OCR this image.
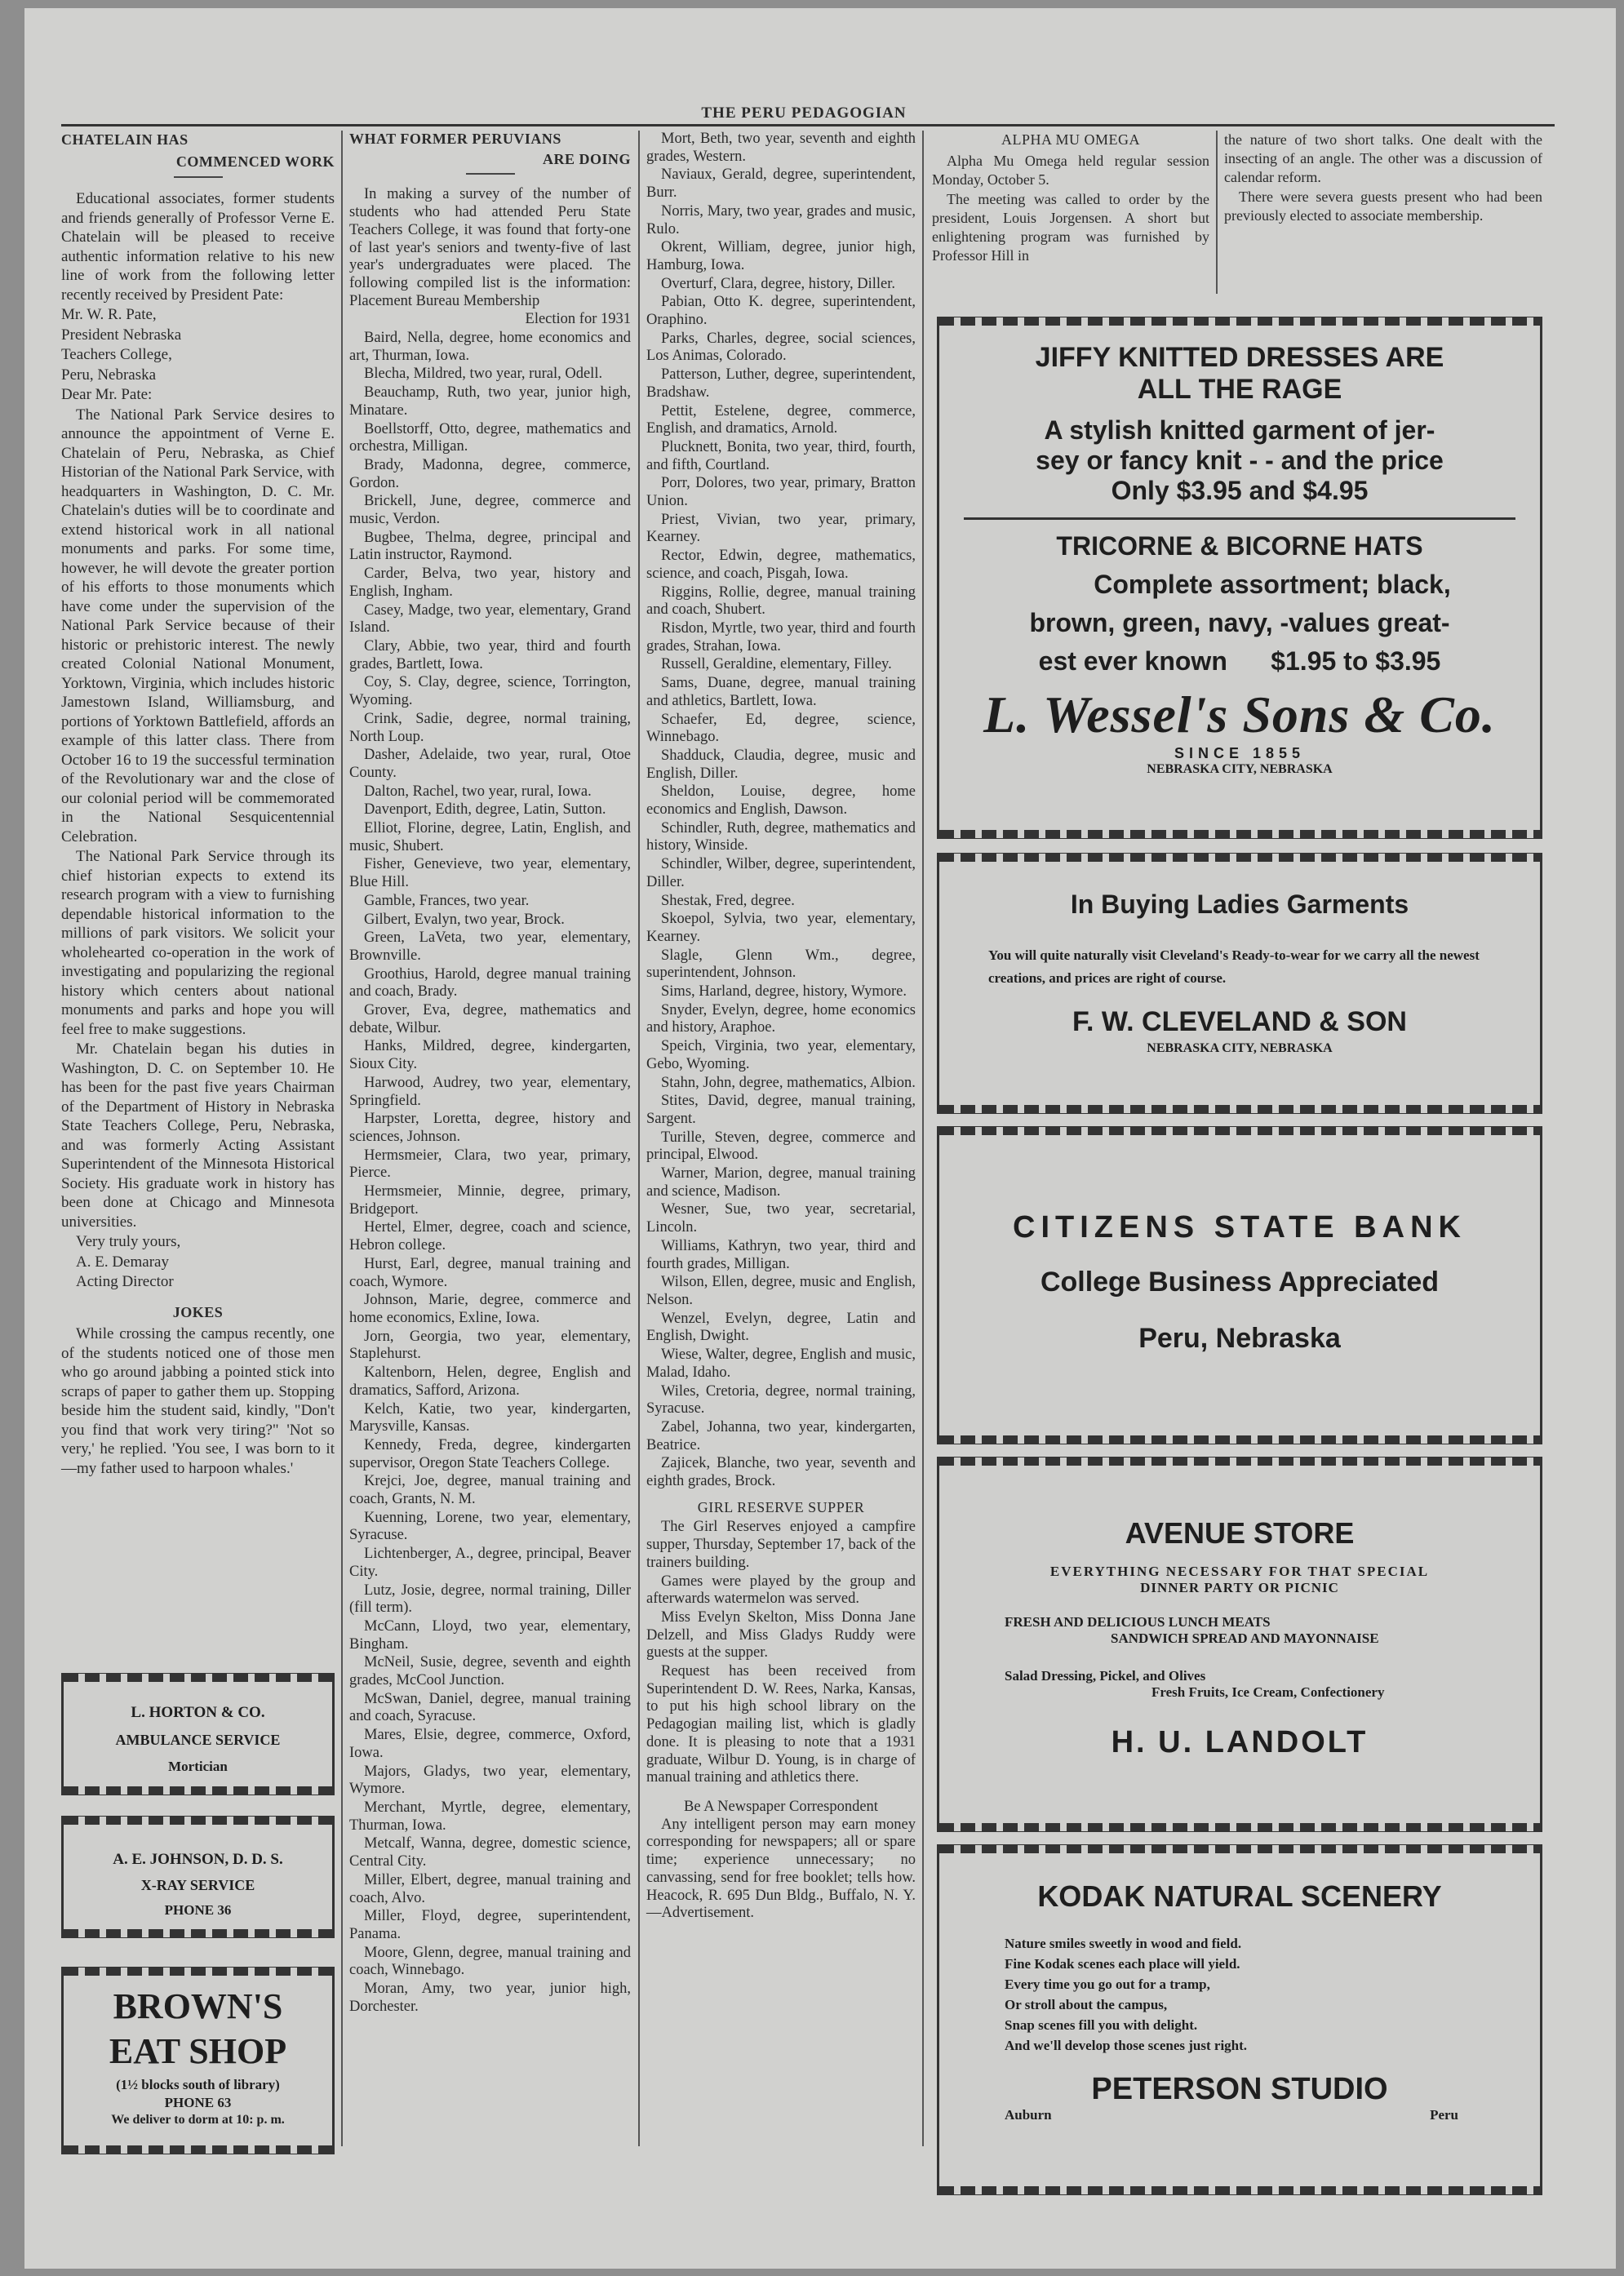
THE PERU PEDAGOGIAN
CHATELAIN HAS
COMMENCED WORK

Educational associates, former students and friends generally of Professor Verne E. Chatelain will be pleased to receive authentic information relative to his new line of work from the following letter recently received by President Pate:

Mr. W. R. Pate,

President Nebraska

Teachers College,

Peru, Nebraska

Dear Mr. Pate:

The National Park Service desires to announce the appointment of Verne E. Chatelain of Peru, Nebraska, as Chief Historian of the National Park Service, with headquarters in Washington, D. C. Mr. Chatelain's duties will be to coordinate and extend historical work in all national monuments and parks. For some time, however, he will devote the greater portion of his efforts to those monuments which have come under the supervision of the National Park Service because of their historic or prehistoric interest. The newly created Colonial National Monument, Yorktown, Virginia, which includes historic Jamestown Island, Williamsburg, and portions of Yorktown Battlefield, affords an example of this latter class. There from October 16 to 19 the successful termination of the Revolutionary war and the close of our colonial period will be commemorated in the National Sesquicentennial Celebration.

The National Park Service through its chief historian expects to extend its research program with a view to furnishing dependable historical information to the millions of park visitors. We solicit your wholehearted co-operation in the work of investigating and popularizing the regional history which centers about national monuments and parks and hope you will feel free to make suggestions.

Mr. Chatelain began his duties in Washington, D. C. on September 10. He has been for the past five years Chairman of the Department of History in Nebraska State Teachers College, Peru, Nebraska, and was formerly Acting Assistant Superintendent of the Minnesota Historical Society. His graduate work in history has been done at Chicago and Minnesota universities.

Very truly yours,

A. E. Demaray

Acting Director

JOKES

While crossing the campus recently, one of the students noticed one of those men who go around jabbing a pointed stick into scraps of paper to gather them up. Stopping beside him the student said, kindly, "Don't you find that work very tiring?" 'Not so very,' he replied. 'You see, I was born to it—my father used to harpoon whales.'

L. HORTON & CO.
AMBULANCE SERVICE
Mortician
A. E. JOHNSON, D. D. S.
X-RAY SERVICE
PHONE 36
BROWN'S
EAT SHOP
(1½ blocks south of library)
PHONE 63
We deliver to dorm at 10: p. m.
WHAT FORMER PERUVIANS
ARE DOING

In making a survey of the number of students who had attended Peru State Teachers College, it was found that forty-one of last year's seniors and twenty-five of last year's undergraduates were placed. The following compiled list is the information: Placement Bureau Membership

Election for 1931

Baird, Nella, degree, home economics and art, Thurman, Iowa.

Blecha, Mildred, two year, rural, Odell.

Beauchamp, Ruth, two year, junior high, Minatare.

Boellstorff, Otto, degree, mathematics and orchestra, Milligan.

Brady, Madonna, degree, commerce, Gordon.

Brickell, June, degree, commerce and music, Verdon.

Bugbee, Thelma, degree, principal and Latin instructor, Raymond.

Carder, Belva, two year, history and English, Ingham.

Casey, Madge, two year, elementary, Grand Island.

Clary, Abbie, two year, third and fourth grades, Bartlett, Iowa.

Coy, S. Clay, degree, science, Torrington, Wyoming.

Crink, Sadie, degree, normal training, North Loup.

Dasher, Adelaide, two year, rural, Otoe County.

Dalton, Rachel, two year, rural, Iowa.

Davenport, Edith, degree, Latin, Sutton.

Elliot, Florine, degree, Latin, English, and music, Shubert.

Fisher, Genevieve, two year, elementary, Blue Hill.

Gamble, Frances, two year.

Gilbert, Evalyn, two year, Brock.

Green, LaVeta, two year, elementary, Brownville.

Groothius, Harold, degree manual training and coach, Brady.

Grover, Eva, degree, mathematics and debate, Wilbur.

Hanks, Mildred, degree, kindergarten, Sioux City.

Harwood, Audrey, two year, elementary, Springfield.

Harpster, Loretta, degree, history and sciences, Johnson.

Hermsmeier, Clara, two year, primary, Pierce.

Hermsmeier, Minnie, degree, primary, Bridgeport.

Hertel, Elmer, degree, coach and science, Hebron college.

Hurst, Earl, degree, manual training and coach, Wymore.

Johnson, Marie, degree, commerce and home economics, Exline, Iowa.

Jorn, Georgia, two year, elementary, Staplehurst.

Kaltenborn, Helen, degree, English and dramatics, Safford, Arizona.

Kelch, Katie, two year, kindergarten, Marysville, Kansas.

Kennedy, Freda, degree, kindergarten supervisor, Oregon State Teachers College.

Krejci, Joe, degree, manual training and coach, Grants, N. M.

Kuenning, Lorene, two year, elementary, Syracuse.

Lichtenberger, A., degree, principal, Beaver City.

Lutz, Josie, degree, normal training, Diller (fill term).

McCann, Lloyd, two year, elementary, Bingham.

McNeil, Susie, degree, seventh and eighth grades, McCool Junction.

McSwan, Daniel, degree, manual training and coach, Syracuse.

Mares, Elsie, degree, commerce, Oxford, Iowa.

Majors, Gladys, two year, elementary, Wymore.

Merchant, Myrtle, degree, elementary, Thurman, Iowa.

Metcalf, Wanna, degree, domestic science, Central City.

Miller, Elbert, degree, manual training and coach, Alvo.

Miller, Floyd, degree, superintendent, Panama.

Moore, Glenn, degree, manual training and coach, Winnebago.

Moran, Amy, two year, junior high, Dorchester.

Mort, Beth, two year, seventh and eighth grades, Western.

Naviaux, Gerald, degree, superintendent, Burr.

Norris, Mary, two year, grades and music, Rulo.

Okrent, William, degree, junior high, Hamburg, Iowa.

Overturf, Clara, degree, history, Diller.

Pabian, Otto K. degree, superintendent, Oraphino.

Parks, Charles, degree, social sciences, Los Animas, Colorado.

Patterson, Luther, degree, superintendent, Bradshaw.

Pettit, Estelene, degree, commerce, English, and dramatics, Arnold.

Plucknett, Bonita, two year, third, fourth, and fifth, Courtland.

Porr, Dolores, two year, primary, Bratton Union.

Priest, Vivian, two year, primary, Kearney.

Rector, Edwin, degree, mathematics, science, and coach, Pisgah, Iowa.

Riggins, Rollie, degree, manual training and coach, Shubert.

Risdon, Myrtle, two year, third and fourth grades, Strahan, Iowa.

Russell, Geraldine, elementary, Filley.

Sams, Duane, degree, manual training and athletics, Bartlett, Iowa.

Schaefer, Ed, degree, science, Winnebago.

Shadduck, Claudia, degree, music and English, Diller.

Sheldon, Louise, degree, home economics and English, Dawson.

Schindler, Ruth, degree, mathematics and history, Winside.

Schindler, Wilber, degree, superintendent, Diller.

Shestak, Fred, degree.

Skoepol, Sylvia, two year, elementary, Kearney.

Slagle, Glenn Wm., degree, superintendent, Johnson.

Sims, Harland, degree, history, Wymore.

Snyder, Evelyn, degree, home economics and history, Araphoe.

Speich, Virginia, two year, elementary, Gebo, Wyoming.

Stahn, John, degree, mathematics, Albion.

Stites, David, degree, manual training, Sargent.

Turille, Steven, degree, commerce and principal, Elwood.

Warner, Marion, degree, manual training and science, Madison.

Wesner, Sue, two year, secretarial, Lincoln.

Williams, Kathryn, two year, third and fourth grades, Milligan.

Wilson, Ellen, degree, music and English, Nelson.

Wenzel, Evelyn, degree, Latin and English, Dwight.

Wiese, Walter, degree, English and music, Malad, Idaho.

Wiles, Cretoria, degree, normal training, Syracuse.

Zabel, Johanna, two year, kindergarten, Beatrice.

Zajicek, Blanche, two year, seventh and eighth grades, Brock.

GIRL RESERVE SUPPER

The Girl Reserves enjoyed a campfire supper, Thursday, September 17, back of the trainers building.

Games were played by the group and afterwards watermelon was served.

Miss Evelyn Skelton, Miss Donna Jane Delzell, and Miss Gladys Ruddy were guests at the supper.

Request has been received from Superintendent D. W. Rees, Narka, Kansas, to put his high school library on the Pedagogian mailing list, which is gladly done. It is pleasing to note that a 1931 graduate, Wilbur D. Young, is in charge of manual training and athletics there.

Be A Newspaper Correspondent

Any intelligent person may earn money corresponding for newspapers; all or spare time; experience unnecessary; no canvassing, send for free booklet; tells how. Heacock, R. 695 Dun Bldg., Buffalo, N. Y.—Advertisement.

ALPHA MU OMEGA

Alpha Mu Omega held regular session Monday, October 5.

The meeting was called to order by the president, Louis Jorgensen. A short but enlightening program was furnished by Professor Hill in

the nature of two short talks. One dealt with the insecting of an angle. The other was a discussion of calendar reform.

There were severa guests present who had been previously elected to associate membership.

JIFFY KNITTED DRESSES ARE
ALL THE RAGE
A stylish knitted garment of jer-
sey or fancy knit - - and the price
Only $3.95 and $4.95
TRICORNE & BICORNE HATS
Complete assortment; black,
brown, green, navy, -values great-
est ever known $1.95 to $3.95
L. Wessel's Sons & Co.
SINCE 1855
NEBRASKA CITY, NEBRASKA
In Buying Ladies Garments
You will quite naturally visit Cleveland's Ready-to-wear for we carry all the newest creations, and prices are right of course.
F. W. CLEVELAND & SON
NEBRASKA CITY, NEBRASKA
CITIZENS STATE BANK
College Business Appreciated
Peru, Nebraska
AVENUE STORE
EVERYTHING NECESSARY FOR THAT SPECIAL
DINNER PARTY OR PICNIC
FRESH AND DELICIOUS LUNCH MEATS
SANDWICH SPREAD AND MAYONNAISE
Salad Dressing, Pickel, and Olives
Fresh Fruits, Ice Cream, Confectionery
H. U. LANDOLT
KODAK NATURAL SCENERY
Nature smiles sweetly in wood and field.
Fine Kodak scenes each place will yield.
Every time you go out for a tramp,
Or stroll about the campus,
Snap scenes fill you with delight.
And we'll develop those scenes just right.
PETERSON STUDIO
Auburn	Peru
